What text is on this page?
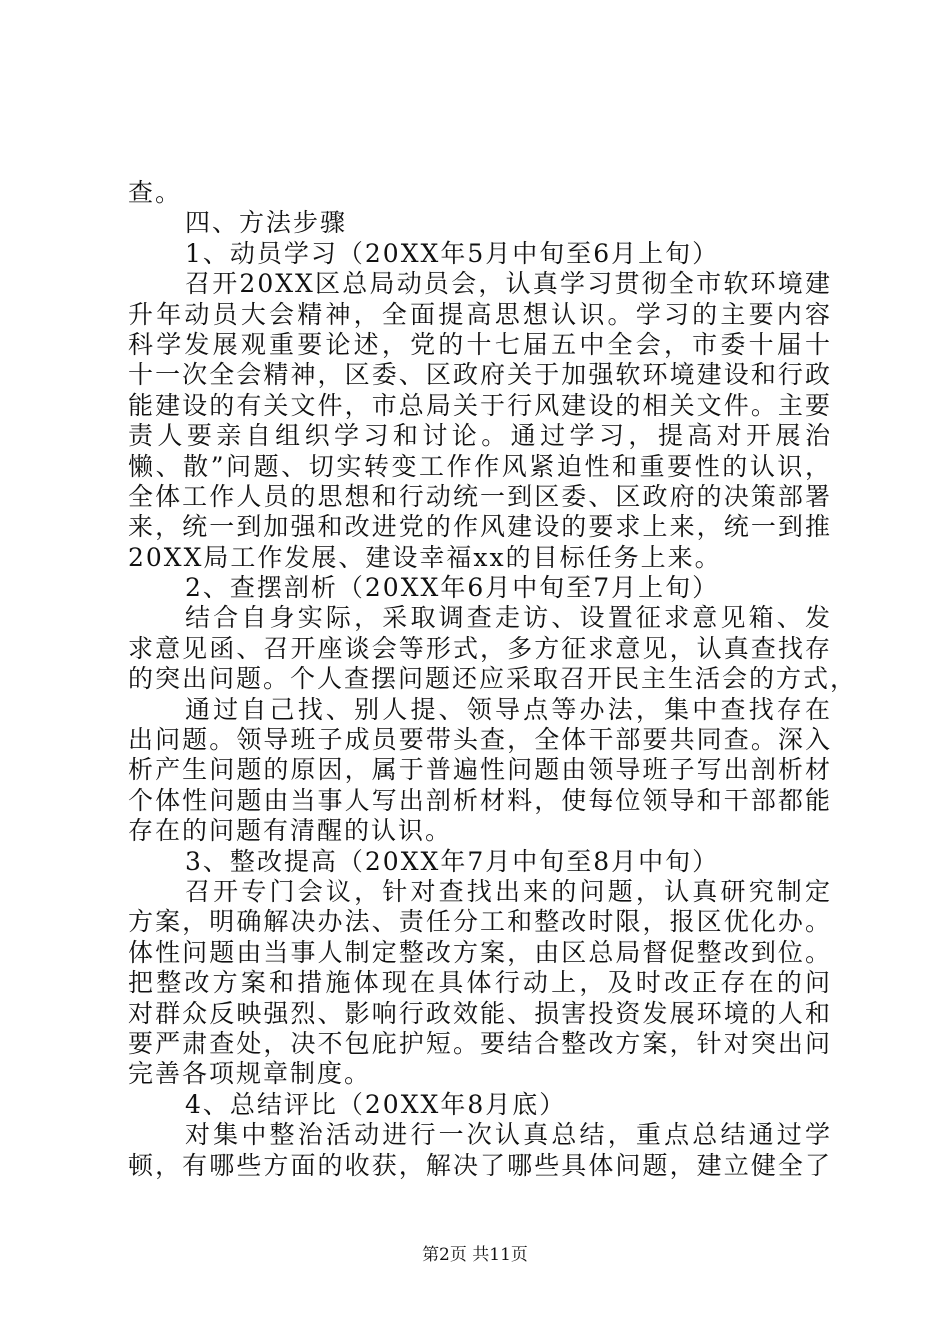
查。
四、方法步骤
1、动员学习（20XX年5月中旬至6月上旬）
召开20XX区总局动员会，认真学习贯彻全市软环境建
升年动员大会精神，全面提高思想认识。学习的主要内容
科学发展观重要论述，党的十七届五中全会，市委十届十
十一次全会精神，区委、区政府关于加强软环境建设和行政
能建设的有关文件，市总局关于行风建设的相关文件。主要
责人要亲自组织学习和讨论。通过学习，提高对开展治
懒、散”问题、切实转变工作作风紧迫性和重要性的认识，
全体工作人员的思想和行动统一到区委、区政府的决策部署
来，统一到加强和改进党的作风建设的要求上来，统一到推
20XX局工作发展、建设幸福xx的目标任务上来。
2、查摆剖析（20XX年6月中旬至7月上旬）
结合自身实际，采取调查走访、设置征求意见箱、发
求意见函、召开座谈会等形式，多方征求意见，认真查找存
的突出问题。个人查摆问题还应采取召开民主生活会的方式，
通过自己找、别人提、领导点等办法，集中查找存在
出问题。领导班子成员要带头查，全体干部要共同查。深入
析产生问题的原因，属于普遍性问题由领导班子写出剖析材
个体性问题由当事人写出剖析材料，使每位领导和干部都能
存在的问题有清醒的认识。
3、整改提高（20XX年7月中旬至8月中旬）
召开专门会议，针对查找出来的问题，认真研究制定
方案，明确解决办法、责任分工和整改时限，报区优化办。
体性问题由当事人制定整改方案，由区总局督促整改到位。
把整改方案和措施体现在具体行动上，及时改正存在的问
对群众反映强烈、影响行政效能、损害投资发展环境的人和
要严肃查处，决不包庇护短。要结合整改方案，针对突出问
完善各项规章制度。
4、总结评比（20XX年8月底）
对集中整治活动进行一次认真总结，重点总结通过学
顿，有哪些方面的收获，解决了哪些具体问题，建立健全了
第2页 共11页
